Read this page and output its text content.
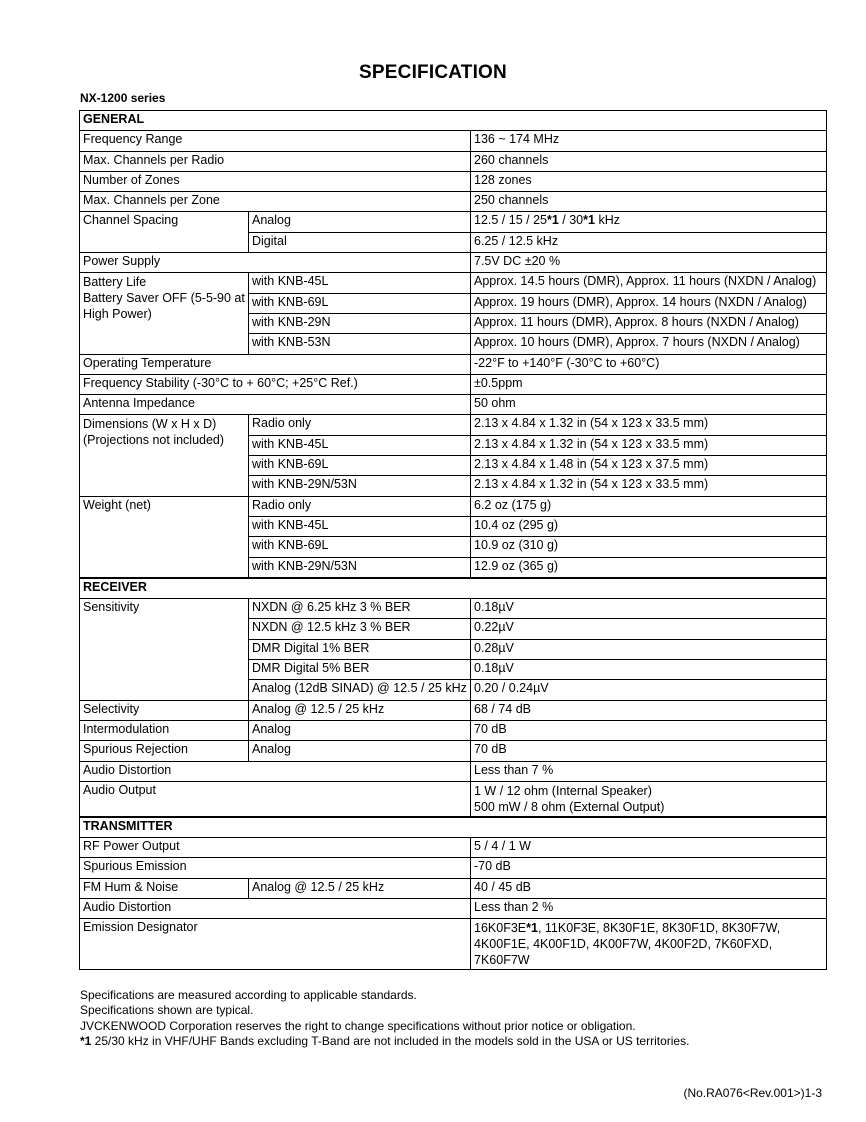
SPECIFICATION
NX-1200 series
GENERAL		
Frequency Range		136 ~ 174 MHz
Max. Channels per Radio		260 channels
Number of Zones		128 zones
Max. Channels per Zone		250 channels
Channel Spacing	Analog	12.5 / 15 / 25*1 / 30*1 kHz
	Digital	6.25 / 12.5 kHz
Power Supply		7.5V DC ±20 %

Battery Life
Battery Saver OFF (5-5-90 at High Power)	with KNB-45L	Approx. 14.5 hours (DMR), Approx. 11 hours (NXDN / Analog)
	with KNB-69L	Approx. 19 hours (DMR), Approx. 14 hours (NXDN / Analog)
	with KNB-29N	Approx. 11 hours (DMR), Approx. 8 hours (NXDN / Analog)
	with KNB-53N	Approx. 10 hours (DMR), Approx. 7 hours (NXDN / Analog)
Operating Temperature		-22°F to +140°F (-30°C to +60°C)
Frequency Stability (-30°C to + 60°C; +25°C Ref.)		±0.5ppm
Antenna Impedance		50 ohm

Dimensions (W x H x D)
(Projections not included)	Radio only	2.13 x 4.84 x 1.32 in (54 x 123 x 33.5 mm)
	with KNB-45L	2.13 x 4.84 x 1.32 in (54 x 123 x 33.5 mm)
	with KNB-69L	2.13 x 4.84 x 1.48 in (54 x 123 x 37.5 mm)
	with KNB-29N/53N	2.13 x 4.84 x 1.32 in (54 x 123 x 33.5 mm)
Weight (net)	Radio only	6.2 oz (175 g)
	with KNB-45L	10.4 oz (295 g)
	with KNB-69L	10.9 oz (310 g)
	with KNB-29N/53N	12.9 oz (365 g)
RECEIVER		
Sensitivity	NXDN @ 6.25 kHz 3 % BER	0.18µV
	NXDN @ 12.5 kHz 3 % BER	0.22µV
	DMR Digital 1% BER	0.28µV
	DMR Digital 5% BER	0.18µV
	Analog (12dB SINAD) @ 12.5 / 25 kHz	0.20 / 0.24µV
Selectivity	Analog @ 12.5 / 25 kHz	68 / 74 dB
Intermodulation	Analog	70 dB
Spurious Rejection	Analog	70 dB
Audio Distortion		Less than 7 %
Audio Output		1 W / 12 ohm (Internal Speaker)
500 mW / 8 ohm (External Output)

TRANSMITTER		
RF Power Output		5 / 4 / 1 W
Spurious Emission		-70 dB
FM Hum & Noise	Analog @ 12.5 / 25 kHz	40 / 45 dB
Audio Distortion		Less than 2 %
Emission Designator		16K0F3E*1, 11K0F3E, 8K30F1E, 8K30F1D, 8K30F7W,
4K00F1E, 4K00F1D, 4K00F7W, 4K00F2D, 7K60FXD,
7K60F7W
Specifications are measured according to applicable standards.
Specifications shown are typical.
JVCKENWOOD Corporation reserves the right to change specifications without prior notice or obligation.
*1 25/30 kHz in VHF/UHF Bands excluding T-Band are not included in the models sold in the USA or US territories.
(No.RA076<Rev.001>)1-3
